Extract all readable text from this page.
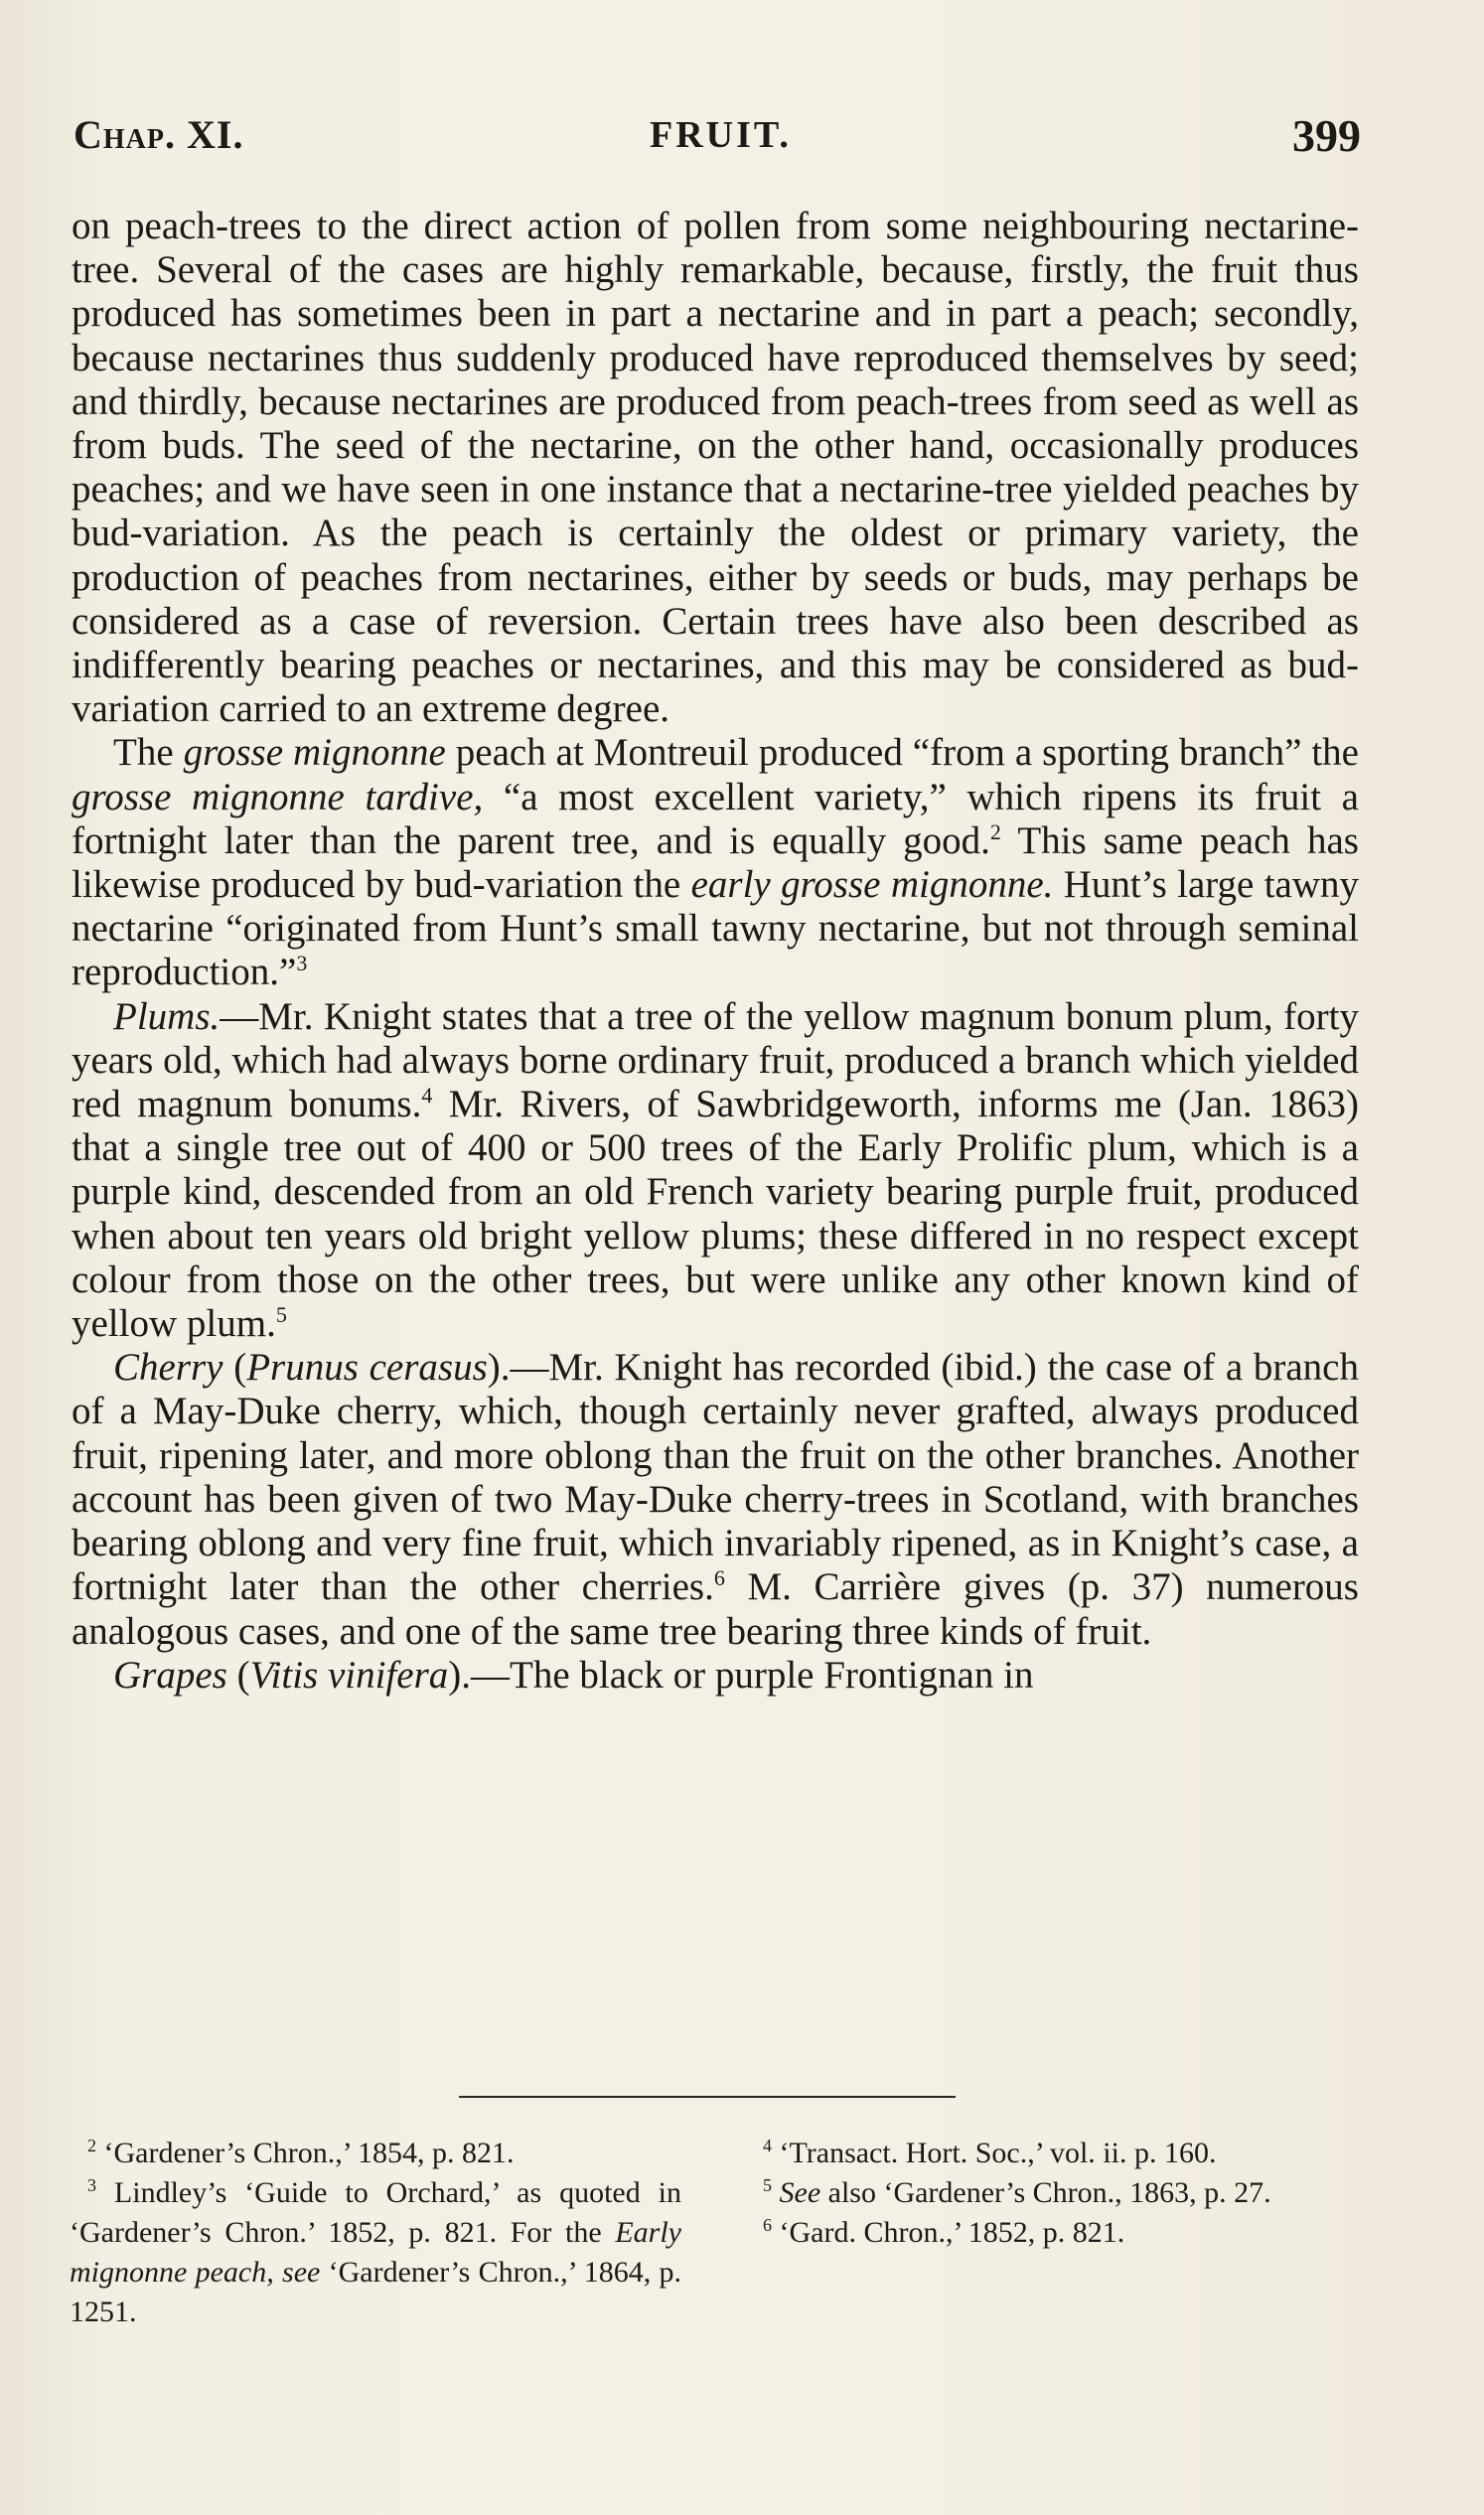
Chap. XI.	FRUIT.	399

on peach-trees to the direct action of pollen from some neighbouring nectarine-tree. Several of the cases are highly remarkable, because, firstly, the fruit thus produced has sometimes been in part a nectarine and in part a peach; secondly, because nectarines thus suddenly produced have reproduced themselves by seed; and thirdly, because nectarines are produced from peach-trees from seed as well as from buds. The seed of the nectarine, on the other hand, occasionally produces peaches; and we have seen in one instance that a nectarine-tree yielded peaches by bud-variation. As the peach is certainly the oldest or primary variety, the production of peaches from nectarines, either by seeds or buds, may perhaps be considered as a case of reversion. Certain trees have also been described as indifferently bearing peaches or nectarines, and this may be considered as bud-variation carried to an extreme degree.

The grosse mignonne peach at Montreuil produced “from a sporting branch” the grosse mignonne tardive, “a most excellent variety,” which ripens its fruit a fortnight later than the parent tree, and is equally good.$^2$ This same peach has likewise produced by bud-variation the early grosse mignonne. Hunt’s large tawny nectarine “originated from Hunt’s small tawny nectarine, but not through seminal reproduction.”$^3$

Plums.—Mr. Knight states that a tree of the yellow magnum bonum plum, forty years old, which had always borne ordinary fruit, produced a branch which yielded red magnum bonums.$^4$ Mr. Rivers, of Sawbridgeworth, informs me (Jan. 1863) that a single tree out of 400 or 500 trees of the Early Prolific plum, which is a purple kind, descended from an old French variety bearing purple fruit, produced when about ten years old bright yellow plums; these differed in no respect except colour from those on the other trees, but were unlike any other known kind of yellow plum.$^5$

Cherry (Prunus cerasus).—Mr. Knight has recorded (ibid.) the case of a branch of a May-Duke cherry, which, though certainly never grafted, always produced fruit, ripening later, and more oblong than the fruit on the other branches. Another account has been given of two May-Duke cherry-trees in Scotland, with branches bearing oblong and very fine fruit, which invariably ripened, as in Knight’s case, a fortnight later than the other cherries.$^6$ M. Carrière gives (p. 37) numerous analogous cases, and one of the same tree bearing three kinds of fruit.

Grapes (Vitis vinifera).—The black or purple Frontignan in

$^2$ ‘Gardener’s Chron.,’ 1854, p. 821.

$^3$ Lindley’s ‘Guide to Orchard,’ as quoted in ‘Gardener’s Chron.’ 1852, p. 821. For the Early mignonne peach, see ‘Gardener’s Chron.,’ 1864, p. 1251.

$^4$ ‘Transact. Hort. Soc.,’ vol. ii. p. 160.

$^5$ See also ‘Gardener’s Chron., 1863, p. 27.

$^6$ ‘Gard. Chron.,’ 1852, p. 821.
